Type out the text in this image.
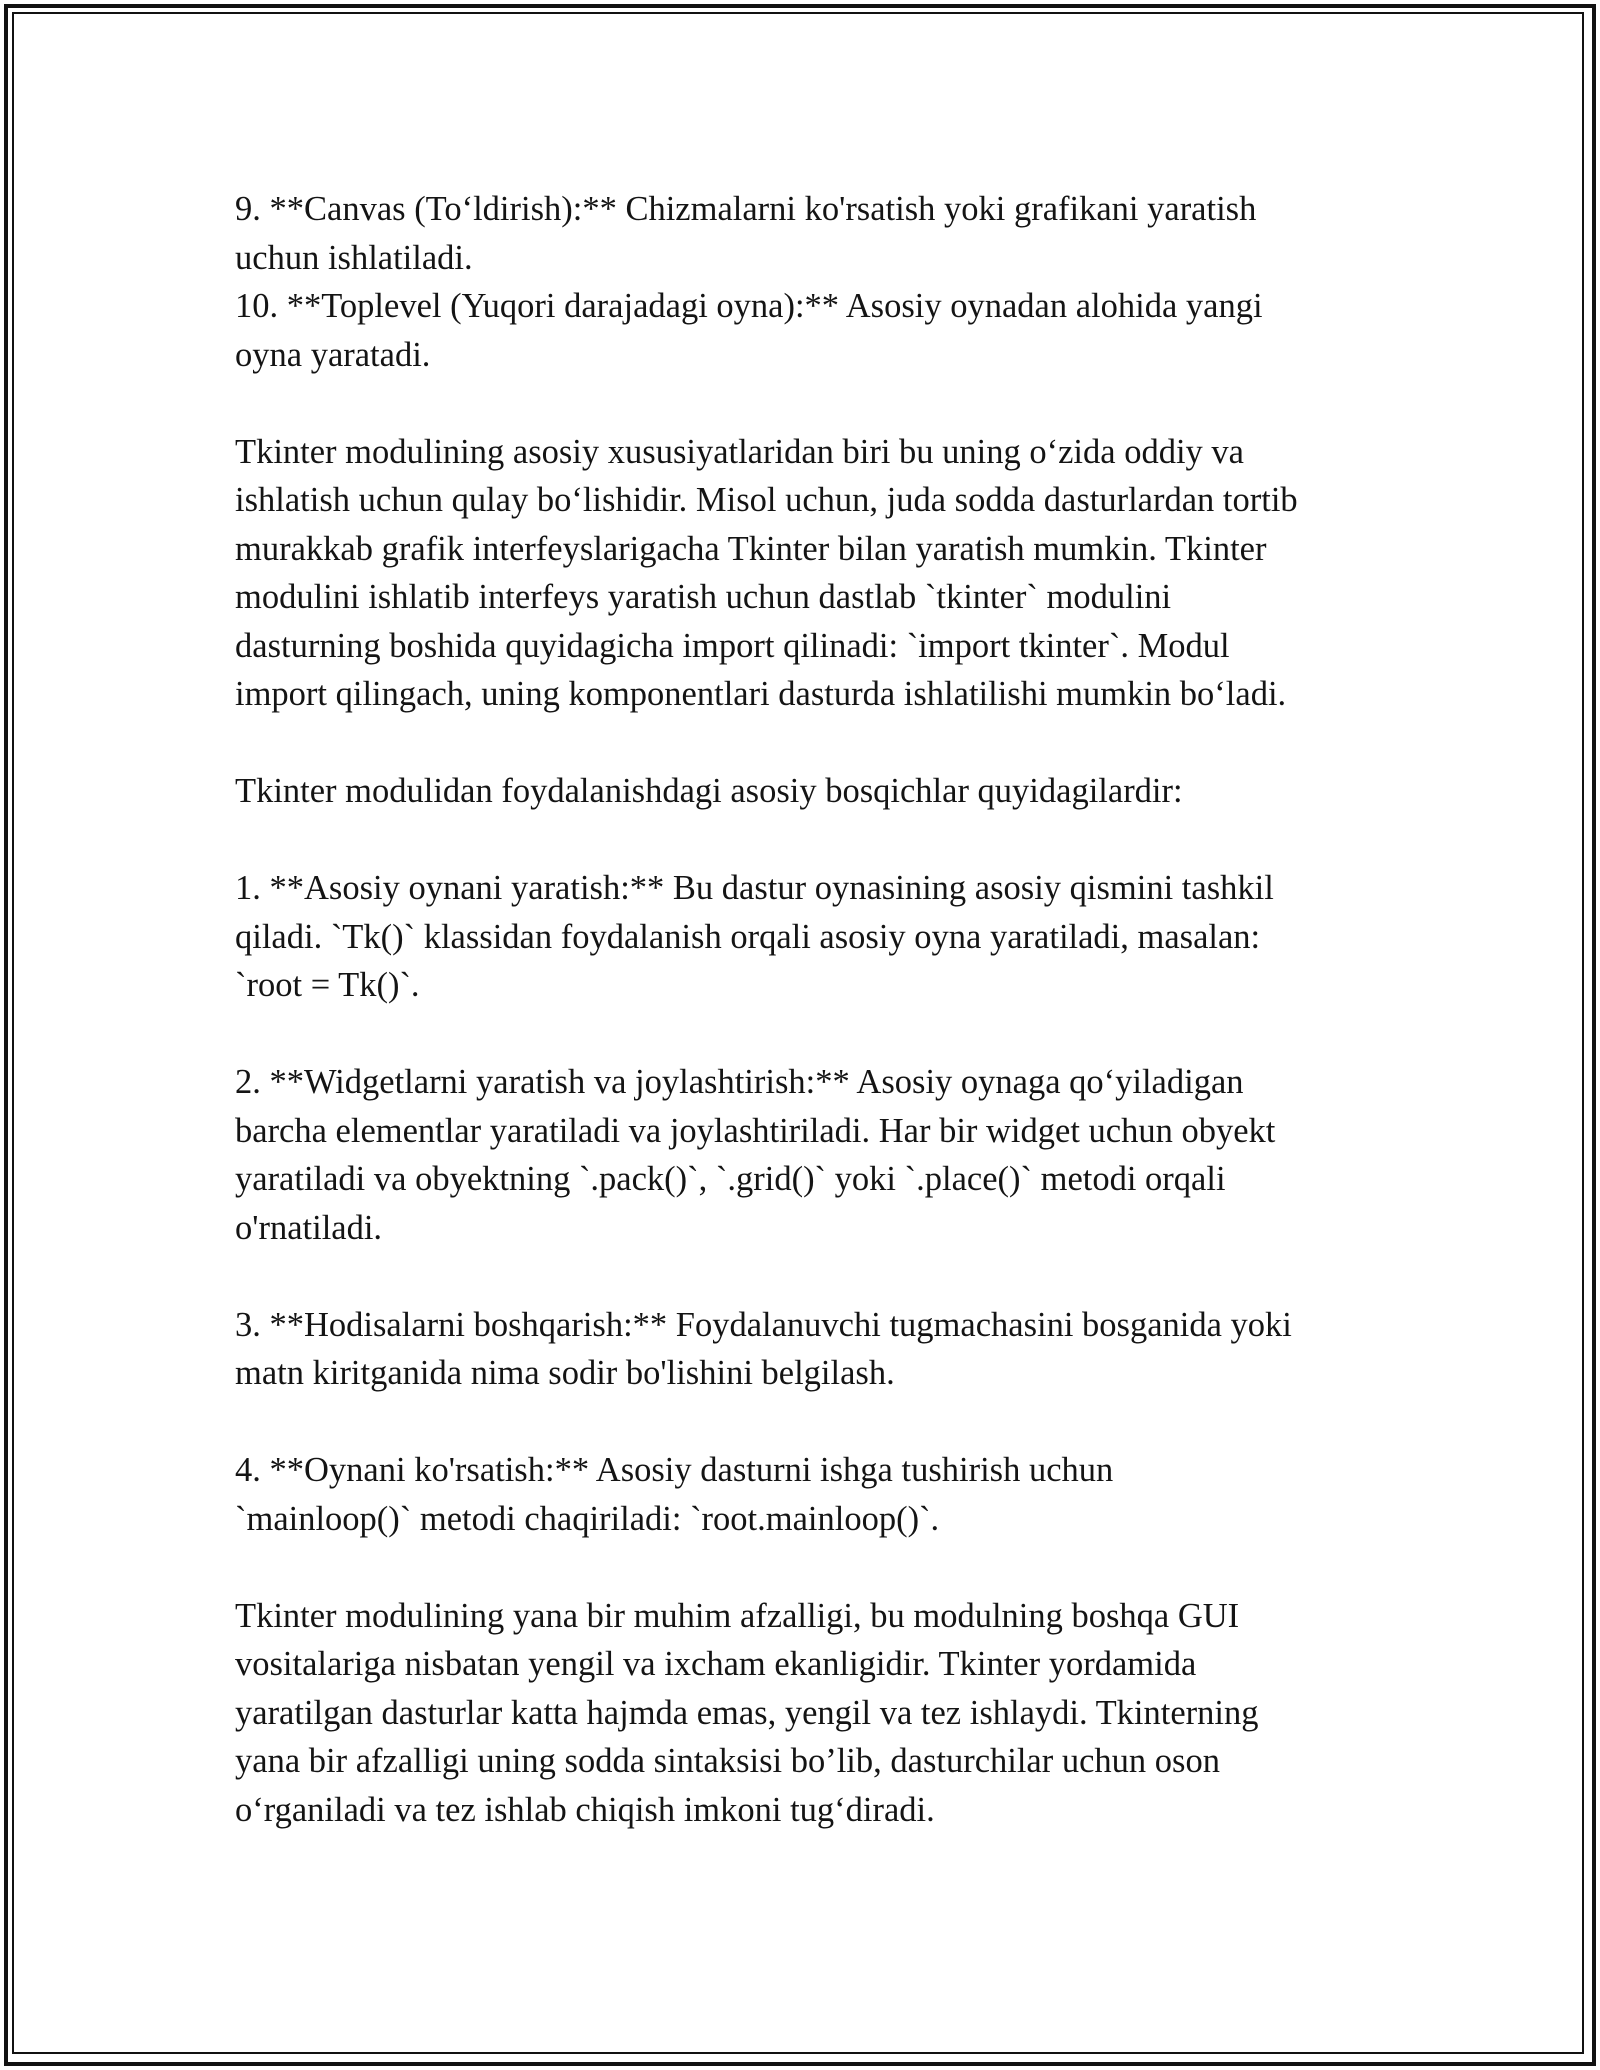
9. **Canvas (To‘ldirish):** Chizmalarni ko'rsatish yoki grafikani yaratish
uchun ishlatiladi.
10. **Toplevel (Yuqori darajadagi oyna):** Asosiy oynadan alohida yangi
oyna yaratadi.
Tkinter modulining asosiy xususiyatlaridan biri bu uning o‘zida oddiy va
ishlatish uchun qulay bo‘lishidir. Misol uchun, juda sodda dasturlardan tortib
murakkab grafik interfeyslarigacha Tkinter bilan yaratish mumkin. Tkinter
modulini ishlatib interfeys yaratish uchun dastlab `tkinter` modulini
dasturning boshida quyidagicha import qilinadi: `import tkinter`. Modul
import qilingach, uning komponentlari dasturda ishlatilishi mumkin bo‘ladi.
Tkinter modulidan foydalanishdagi asosiy bosqichlar quyidagilardir:
1. **Asosiy oynani yaratish:** Bu dastur oynasining asosiy qismini tashkil
qiladi. `Tk()` klassidan foydalanish orqali asosiy oyna yaratiladi, masalan:
`root = Tk()`.
2. **Widgetlarni yaratish va joylashtirish:** Asosiy oynaga qo‘yiladigan
barcha elementlar yaratiladi va joylashtiriladi. Har bir widget uchun obyekt
yaratiladi va obyektning `.pack()`, `.grid()` yoki `.place()` metodi orqali
o'rnatiladi.
3. **Hodisalarni boshqarish:** Foydalanuvchi tugmachasini bosganida yoki
matn kiritganida nima sodir bo'lishini belgilash.
4. **Oynani ko'rsatish:** Asosiy dasturni ishga tushirish uchun
`mainloop()` metodi chaqiriladi: `root.mainloop()`.
Tkinter modulining yana bir muhim afzalligi, bu modulning boshqa GUI
vositalariga nisbatan yengil va ixcham ekanligidir. Tkinter yordamida
yaratilgan dasturlar katta hajmda emas, yengil va tez ishlaydi. Tkinterning
yana bir afzalligi uning sodda sintaksisi bo’lib, dasturchilar uchun oson
o‘rganiladi va tez ishlab chiqish imkoni tug‘diradi.
